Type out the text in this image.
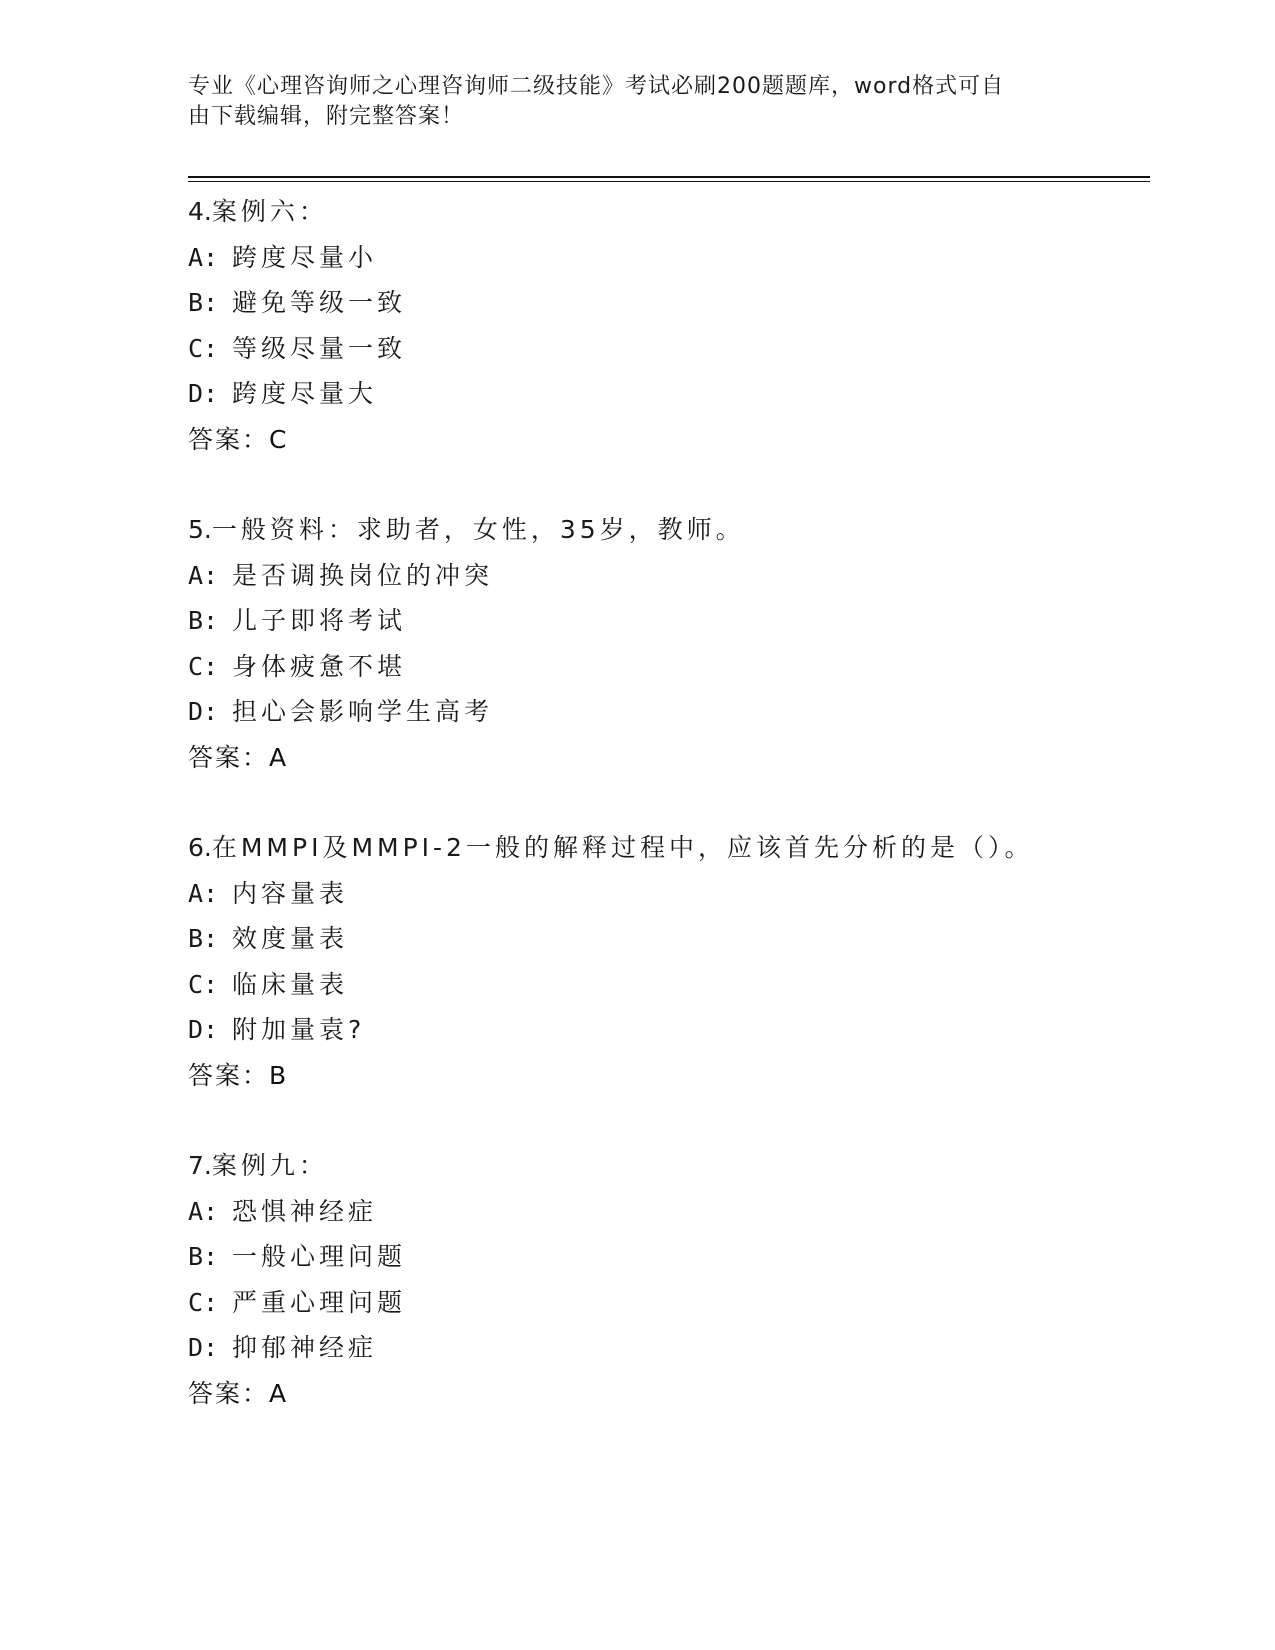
专业《心理咨询师之心理咨询师二级技能》考试必刷200题题库，word格式可自
由下载编辑，附完整答案！
4.案例六：
A: 跨度尽量小
B: 避免等级一致
C: 等级尽量一致
D: 跨度尽量大
答案：C
5.一般资料：求助者，女性，35岁，教师。
A: 是否调换岗位的冲突
B: 儿子即将考试
C: 身体疲惫不堪
D: 担心会影响学生高考
答案：A
6.在MMPI及MMPI-2一般的解释过程中，应该首先分析的是（）。
A: 内容量表
B: 效度量表
C: 临床量表
D: 附加量袁?
答案：B
7.案例九：
A: 恐惧神经症
B: 一般心理问题
C: 严重心理问题
D: 抑郁神经症
答案：A
